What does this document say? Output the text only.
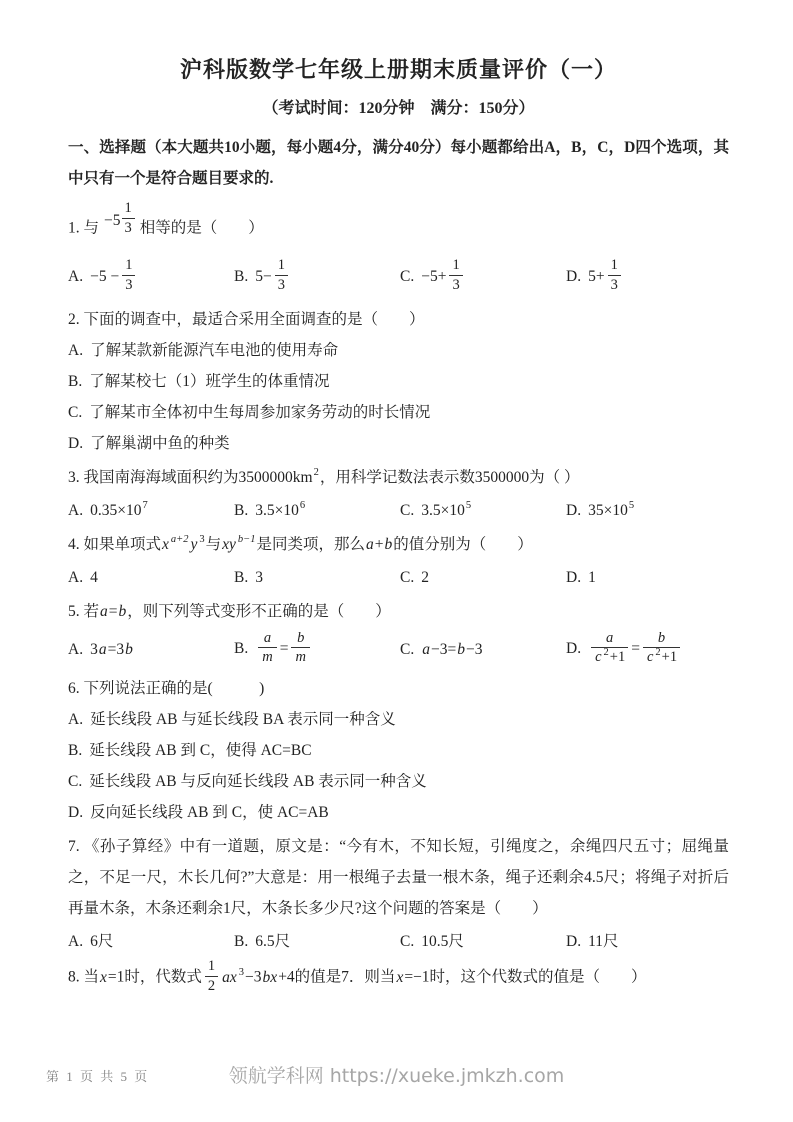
沪科版数学七年级上册期末质量评价（一）
（考试时间：120分钟　满分：150分）
一、选择题（本大题共10小题，每小题4分，满分40分）每小题都给出A，B，C，D四个选项，其中只有一个是符合题目要求的.
1. 与 $-5 \frac{1}{3}$ 相等的是（　　）
A. $-5 - \frac{1}{3}$	B. $5- \frac{1}{3}$	C. $-5+ \frac{1}{3}$	D. $5+ \frac{1}{3}$
2. 下面的调查中，最适合采用全面调查的是（　　）
A. 了解某款新能源汽车电池的使用寿命
B. 了解某校七（1）班学生的体重情况
C. 了解某市全体初中生每周参加家务劳动的时长情况
D. 了解巢湖中鱼的种类
3. 我国南海海域面积约为$3500000km^2$，用科学记数法表示数3500000为（ ）
A. $0.35\times 10^7$	B. $3.5\times 10^6$	C. $3.5\times 10^5$	D. $35\times 10^5$
4. 如果单项式x $^{a+2}$ y $^3$与xy $^{b-1}$是同类项，那么a+b的值分别为（　　）
A. 4	B. 3	C. 2	D. 1
5. 若a=b，则下列等式变形不正确的是（　　）
A. 3a=3b	B. $\frac{a}{m} = \frac{b}{m}$	C. a−3=b−3	D. $\frac{a}{c ^2+1} = \frac{b}{c ^2+1}$
6. 下列说法正确的是(　　　)
A. 延长线段 AB 与延长线段 BA 表示同一种含义
B. 延长线段 AB 到 C，使得 AC=BC
C. 延长线段 AB 与反向延长线段 AB 表示同一种含义
D. 反向延长线段 AB 到 C，使 AC=AB
7. 《孙子算经》中有一道题，原文是：“今有木，不知长短，引绳度之，余绳四尺五寸；屈绳量之，不足一尺，木长几何?”大意是：用一根绳子去量一根木条，绳子还剩余4.5尺；将绳子对折后再量木条，木条还剩余1尺，木条长多少尺?这个问题的答案是（　　）
A. 6尺	B. 6.5尺	C. 10.5尺	D. 11尺
8. 当x=1时，代数式 $\frac{1}{2}$ ax $^3$−3bx+4的值是7．则当x=−1时，这个代数式的值是（　　）
第 1 页 共 5 页	领航学科网 https://xueke.jmkzh.com
